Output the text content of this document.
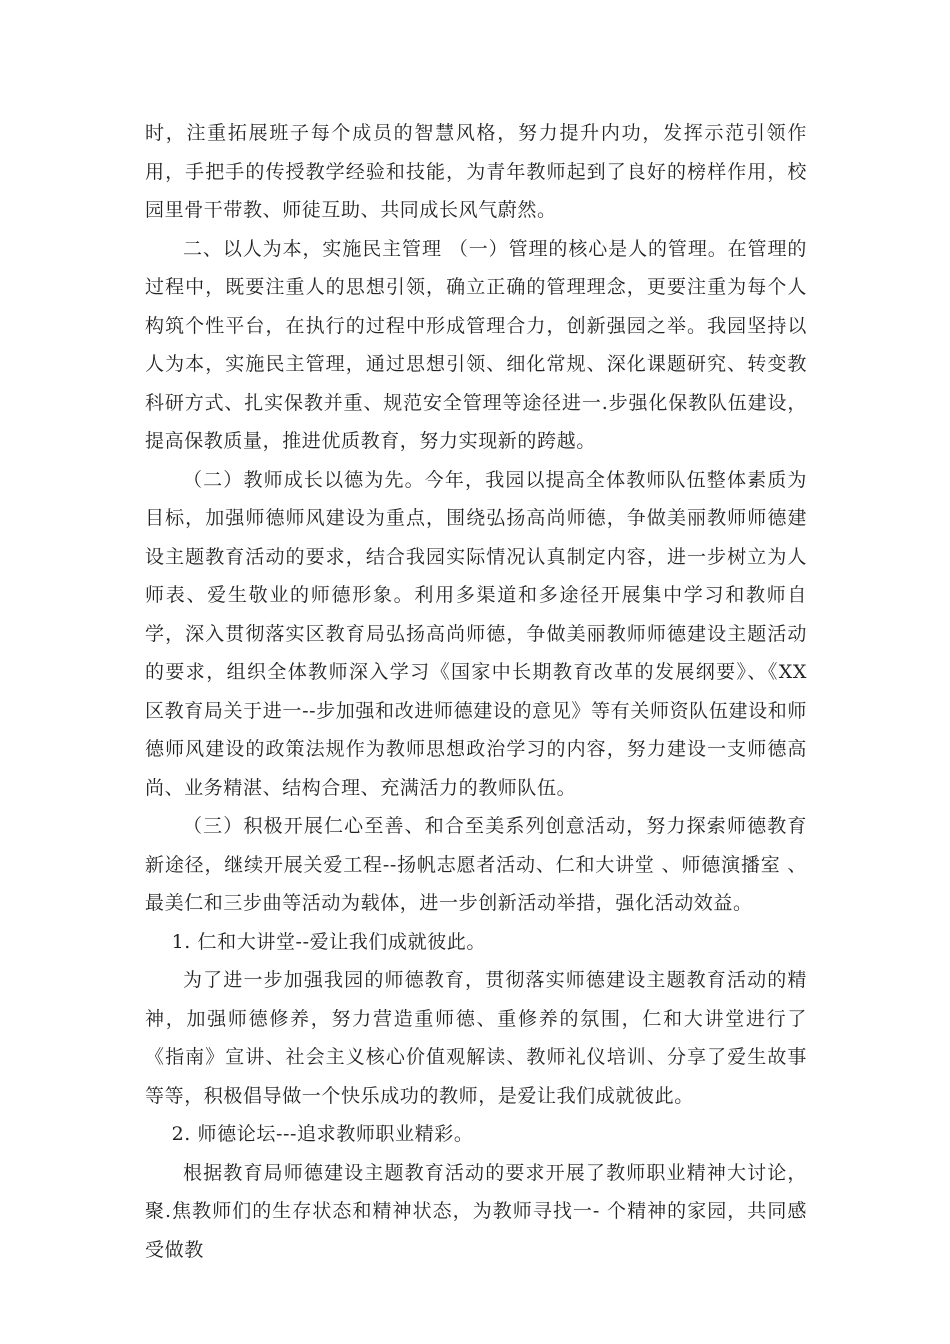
时，注重拓展班子每个成员的智慧风格，努力提升内功，发挥示范引领作用，手把手的传授教学经验和技能，为青年教师起到了良好的榜样作用，校园里骨干带教、师徒互助、共同成长风气蔚然。

二、以人为本，实施民主管理 （一）管理的核心是人的管理。在管理的过程中，既要注重人的思想引领，确立正确的管理理念，更要注重为每个人构筑个性平台，在执行的过程中形成管理合力，创新强园之举。我园坚持以人为本，实施民主管理，通过思想引领、细化常规、深化课题研究、转变教科研方式、扎实保教并重、规范安全管理等途径进一.步强化保教队伍建设，提高保教质量，推进优质教育，努力实现新的跨越。

（二）教师成长以德为先。今年，我园以提高全体教师队伍整体素质为目标，加强师德师风建设为重点，围绕弘扬高尚师德，争做美丽教师师德建设主题教育活动的要求，结合我园实际情况认真制定内容，进一步树立为人师表、爱生敬业的师德形象。利用多渠道和多途径开展集中学习和教师自学，深入贯彻落实区教育局弘扬高尚师德，争做美丽教师师德建设主题活动的要求，组织全体教师深入学习《国家中长期教育改革的发展纲要》、《XX 区教育局关于进一--步加强和改进师德建设的意见》等有关师资队伍建设和师德师风建设的政策法规作为教师思想政治学习的内容，努力建设一支师德高尚、业务精湛、结构合理、充满活力的教师队伍。

（三）积极开展仁心至善、和合至美系列创意活动，努力探索师德教育新途径，继续开展关爱工程--扬帆志愿者活动、仁和大讲堂 、师德演播室 、最美仁和三步曲等活动为载体，进一步创新活动举措，强化活动效益。

1. 仁和大讲堂--爱让我们成就彼此。

为了进一步加强我园的师德教育，贯彻落实师德建设主题教育活动的精神，加强师德修养，努力营造重师德、重修养的氛围，仁和大讲堂进行了《指南》宣讲、社会主义核心价值观解读、教师礼仪培训、分享了爱生故事等等，积极倡导做一个快乐成功的教师，是爱让我们成就彼此。

2. 师德论坛---追求教师职业精彩。

根据教育局师德建设主题教育活动的要求开展了教师职业精神大讨论，聚.焦教师们的生存状态和精神状态，为教师寻找一- 个精神的家园，共同感受做教
